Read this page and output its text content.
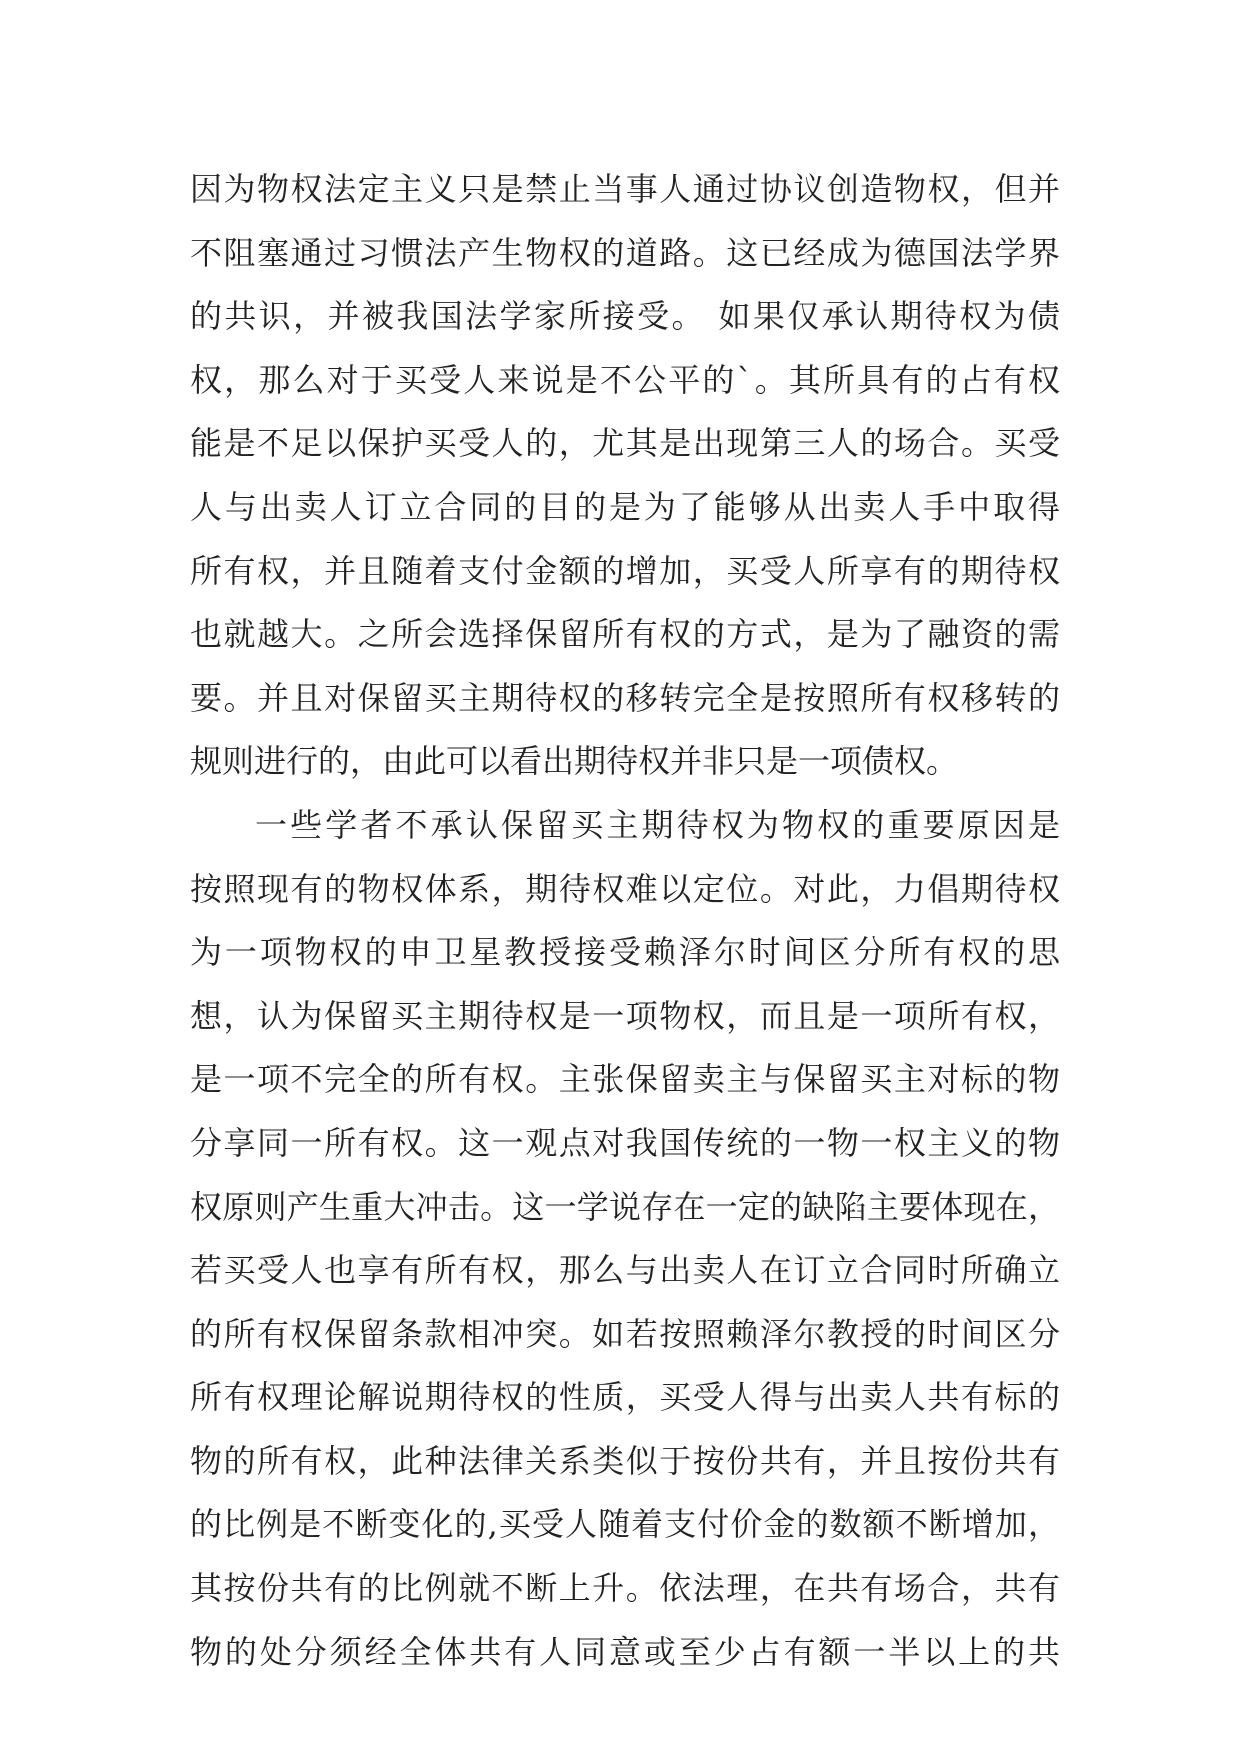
因为物权法定主义只是禁止当事人通过协议创造物权，但并
不阻塞通过习惯法产生物权的道路。这已经成为德国法学界
的共识，并被我国法学家所接受。 如果仅承认期待权为债
权，那么对于买受人来说是不公平的`。其所具有的占有权
能是不足以保护买受人的，尤其是出现第三人的场合。买受
人与出卖人订立合同的目的是为了能够从出卖人手中取得
所有权，并且随着支付金额的增加，买受人所享有的期待权
也就越大。之所会选择保留所有权的方式，是为了融资的需
要。并且对保留买主期待权的移转完全是按照所有权移转的
规则进行的，由此可以看出期待权并非只是一项债权。
一些学者不承认保留买主期待权为物权的重要原因是
按照现有的物权体系，期待权难以定位。对此，力倡期待权
为一项物权的申卫星教授接受赖泽尔时间区分所有权的思
想，认为保留买主期待权是一项物权，而且是一项所有权，
是一项不完全的所有权。主张保留卖主与保留买主对标的物
分享同一所有权。这一观点对我国传统的一物一权主义的物
权原则产生重大冲击。这一学说存在一定的缺陷主要体现在，
若买受人也享有所有权，那么与出卖人在订立合同时所确立
的所有权保留条款相冲突。如若按照赖泽尔教授的时间区分
所有权理论解说期待权的性质，买受人得与出卖人共有标的
物的所有权，此种法律关系类似于按份共有，并且按份共有
的比例是不断变化的,买受人随着支付价金的数额不断增加，
其按份共有的比例就不断上升。依法理，在共有场合，共有
物的处分须经全体共有人同意或至少占有额一半以上的共
